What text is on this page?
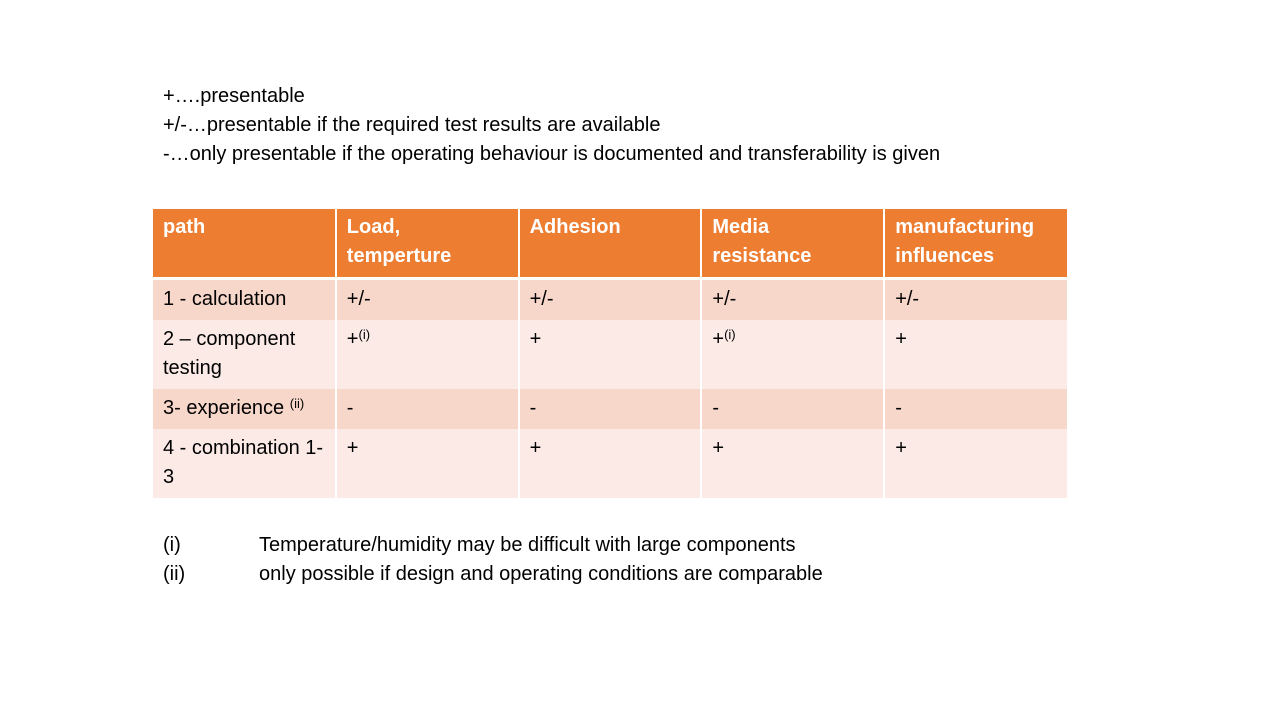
+….presentable
+/-…presentable if the required test results are available
-…only presentable if the operating behaviour is documented and transferability is given
path	Load, temperture	Adhesion	Media resistance	manufacturing influences
1 - calculation	+/-	+/-	+/-	+/-
2 – component testing	+$^{(i)}$	+	+$^{(i)}$	+
3- experience $^{(ii)}$	-	-	-	-
4 - combination 1-3	+	+	+	+
(i)	Temperature/humidity may be difficult with large components
(ii)	only possible if design and operating conditions are comparable
